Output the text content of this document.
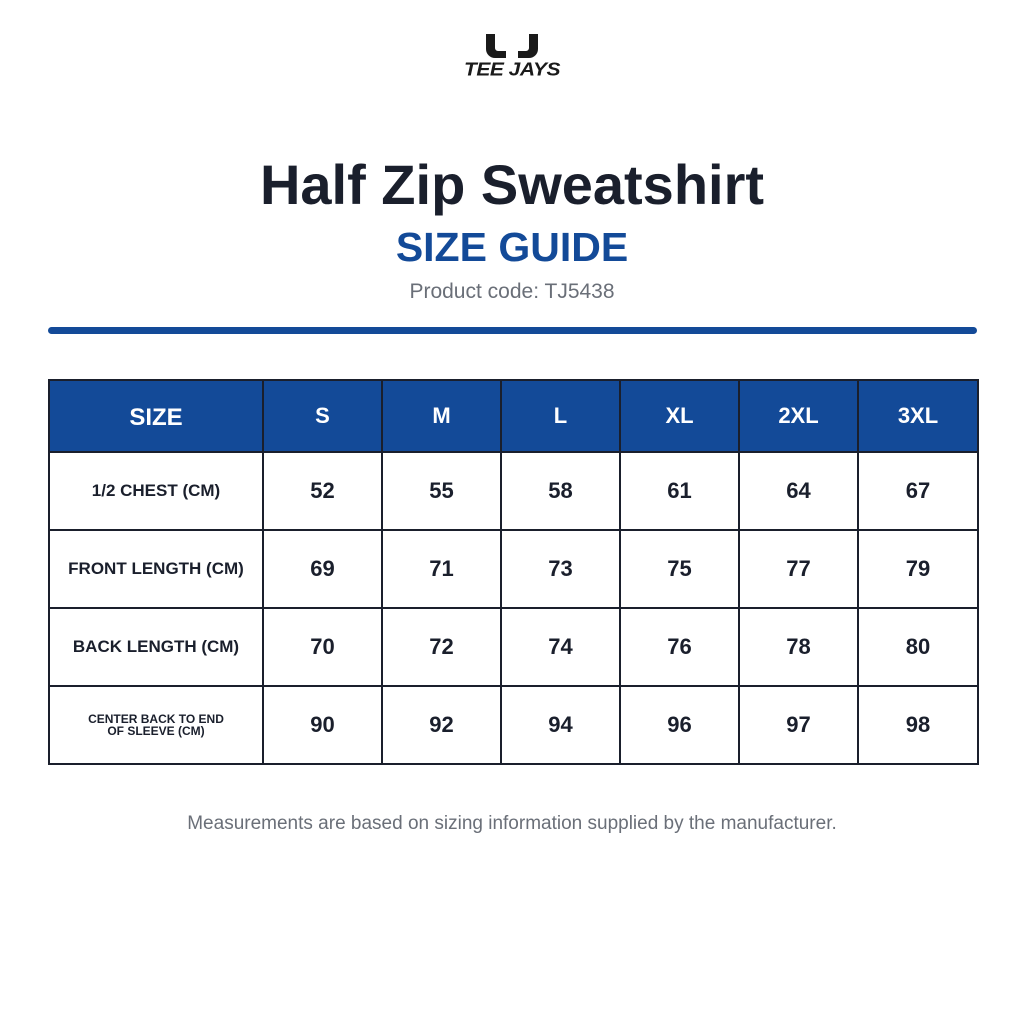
TEE JAYS
Half Zip Sweatshirt
SIZE GUIDE
Product code: TJ5438
SIZE	S	M	L	XL	2XL	3XL
1/2 CHEST (CM)	52	55	58	61	64	67
FRONT LENGTH (CM)	69	71	73	75	77	79
BACK LENGTH (CM)	70	72	74	76	78	80

CENTER BACK TO END
OF SLEEVE (CM)	90	92	94	96	97	98
Measurements are based on sizing information supplied by the manufacturer.
